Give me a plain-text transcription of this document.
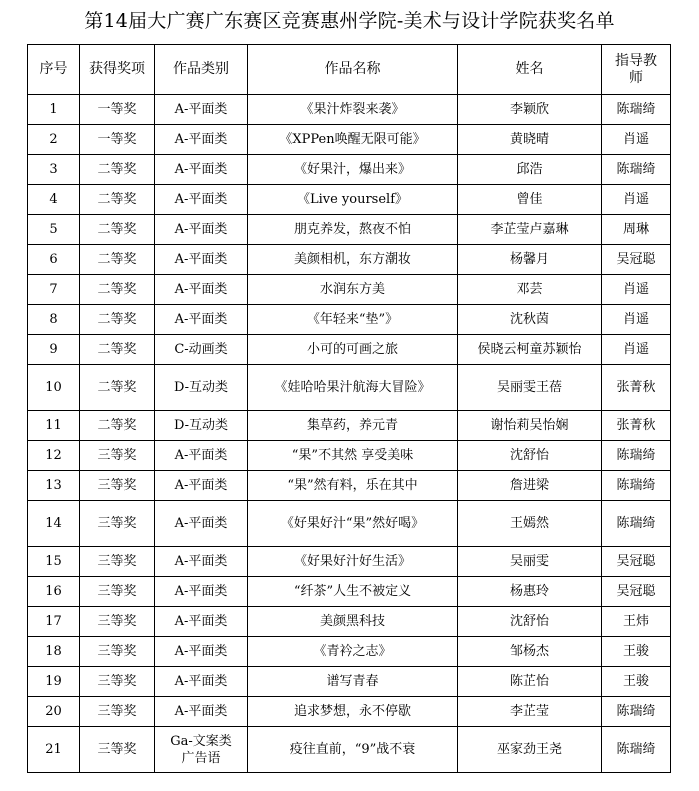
第14届大广赛广东赛区竞赛惠州学院-美术与设计学院获奖名单
序号	获得奖项	作品类别	作品名称	姓名	指导教师
1	一等奖	A-平面类	《果汁炸裂来袭》	李颖欣	陈瑞绮
2	一等奖	A-平面类	《XPPen唤醒无限可能》	黄晓晴	肖遥
3	二等奖	A-平面类	《好果汁，爆出来》	邱浩	陈瑞绮
4	二等奖	A-平面类	《Live yourself》	曾佳	肖遥
5	二等奖	A-平面类	朋克养发，熬夜不怕	李芷莹卢嘉琳	周琳
6	二等奖	A-平面类	美颜相机，东方潮妆	杨馨月	吴冠聪
7	二等奖	A-平面类	水润东方美	邓芸	肖遥
8	二等奖	A-平面类	《年轻来“垫”》	沈秋茵	肖遥
9	二等奖	C-动画类	小可的可画之旅	侯晓云柯童苏颖怡	肖遥
10	二等奖	D-互动类	《娃哈哈果汁航海大冒险》	吴丽雯王蓓	张菁秋
11	二等奖	D-互动类	集草药，养元青	谢怡莉吴怡娴	张菁秋
12	三等奖	A-平面类	“果”不其然 享受美味	沈舒怡	陈瑞绮
13	三等奖	A-平面类	“果”然有料，乐在其中	詹进梁	陈瑞绮
14	三等奖	A-平面类	《好果好汁“果”然好喝》	王嫣然	陈瑞绮
15	三等奖	A-平面类	《好果好汁好生活》	吴丽雯	吴冠聪
16	三等奖	A-平面类	“纤茶”人生不被定义	杨惠玲	吴冠聪
17	三等奖	A-平面类	美颜黑科技	沈舒怡	王炜
18	三等奖	A-平面类	《青衿之志》	邹杨杰	王骏
19	三等奖	A-平面类	谱写青春	陈芷怡	王骏
20	三等奖	A-平面类	追求梦想，永不停歇	李芷莹	陈瑞绮
21	三等奖	Ga-文案类广告语	疫往直前，“9”战不衰	巫家劲王尧	陈瑞绮
